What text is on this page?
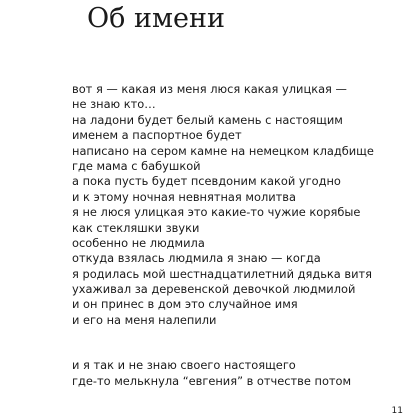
Об имени
вот я — какая из меня люся какая улицкая —
не знаю кто…
на ладони будет белый камень с настоящим
именем а паспортное будет
написано на сером камне на немецком кладбище
где мама с бабушкой
а пока пусть будет псевдоним какой угодно
и к этому ночная невнятная молитва
я не люся улицкая это какие-то чужие корябые
как стекляшки звуки
особенно не людмила
откуда взялась людмила я знаю — когда
я родилась мой шестнадцатилетний дядька витя
ухаживал за деревенской девочкой людмилой
и он принес в дом это случайное имя
и его на меня налепили
и я так и не знаю своего настоящего
где-то мелькнула “евгения” в отчестве потом
11
